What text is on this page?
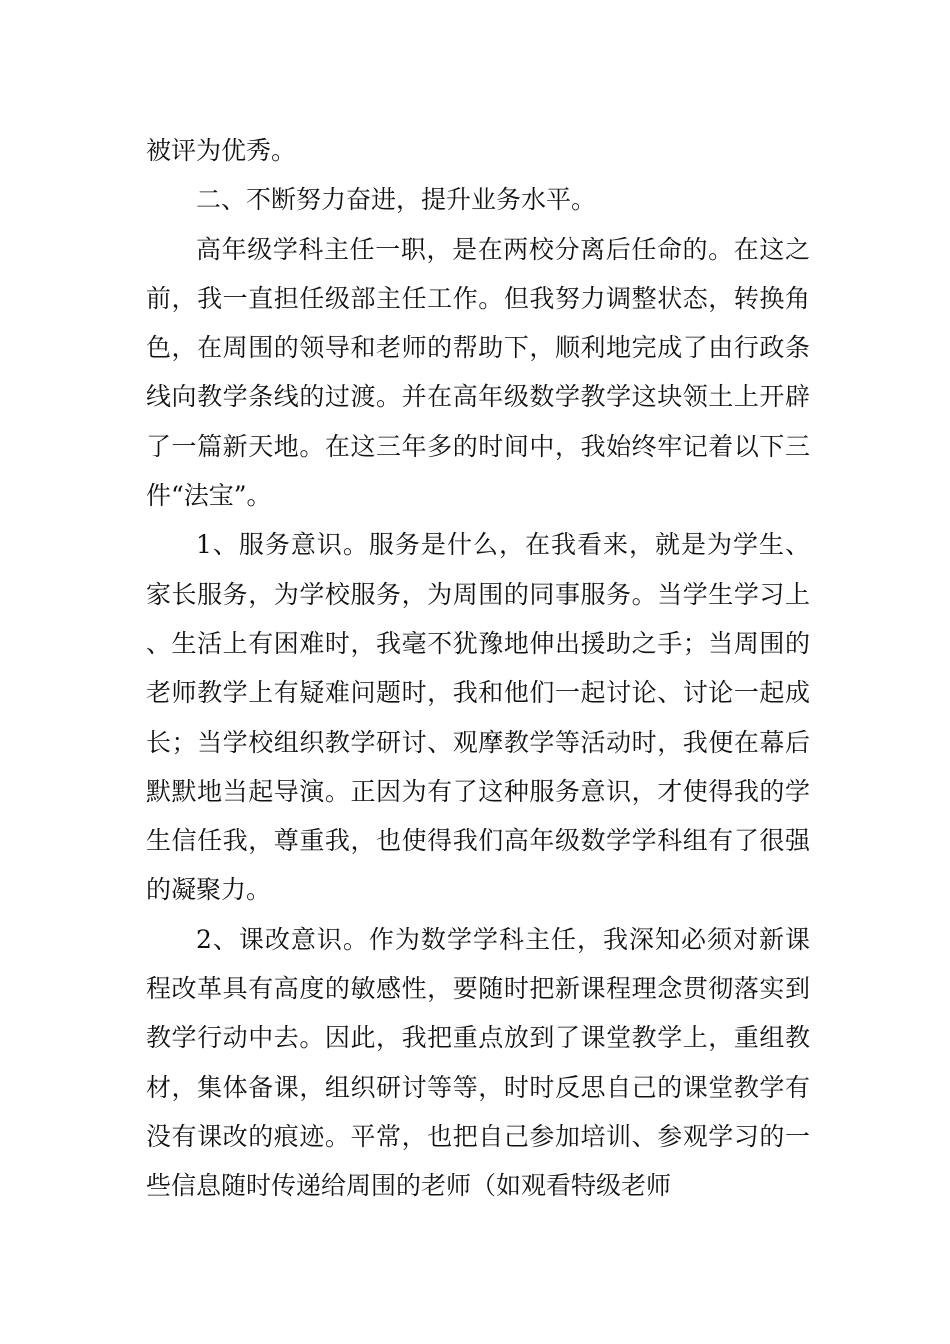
被评为优秀。

二、不断努力奋进，提升业务水平。

高年级学科主任一职，是在两校分离后任命的。在这之前，我一直担任级部主任工作。但我努力调整状态，转换角色，在周围的领导和老师的帮助下，顺利地完成了由行政条线向教学条线的过渡。并在高年级数学教学这块领土上开辟了一篇新天地。在这三年多的时间中，我始终牢记着以下三件“法宝”。

1、服务意识。服务是什么，在我看来，就是为学生、家长服务，为学校服务，为周围的同事服务。当学生学习上、生活上有困难时，我毫不犹豫地伸出援助之手；当周围的老师教学上有疑难问题时，我和他们一起讨论、讨论一起成长；当学校组织教学研讨、观摩教学等活动时，我便在幕后默默地当起导演。正因为有了这种服务意识，才使得我的学生信任我，尊重我，也使得我们高年级数学学科组有了很强的凝聚力。

2、课改意识。作为数学学科主任，我深知必须对新课程改革具有高度的敏感性，要随时把新课程理念贯彻落实到教学行动中去。因此，我把重点放到了课堂教学上，重组教材，集体备课，组织研讨等等，时时反思自己的课堂教学有没有课改的痕迹。平常，也把自己参加培训、参观学习的一些信息随时传递给周围的老师（如观看特级老师
